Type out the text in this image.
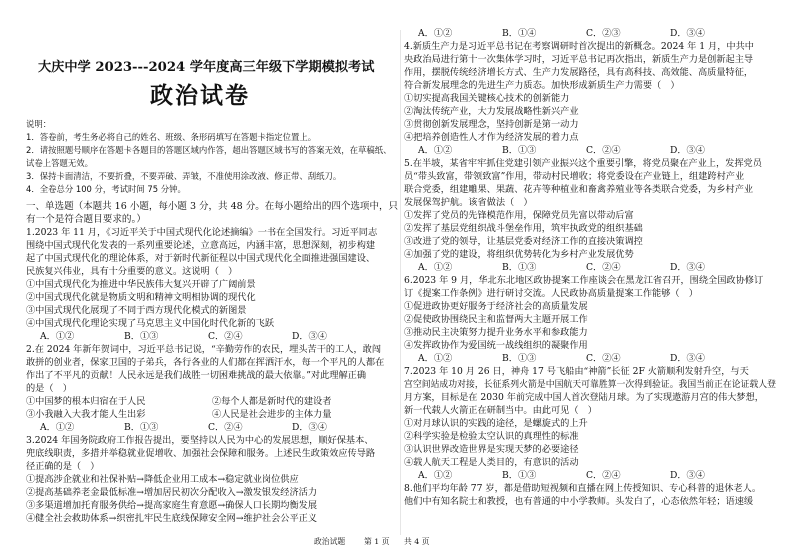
大庆中学 2023---2024 学年度高三年级下学期模拟考试
政治试卷
说明：
1．答卷前，考生务必将自己的姓名、班级、条形码填写在答题卡指定位置上。
2．请按照题号顺序在答题卡各题目的答题区域内作答，超出答题区域书写的答案无效，在草稿纸、
试卷上答题无效。
3．保持卡面清洁，不要折叠，不要弄破、弄皱，不准使用涂改液、修正带、刮纸刀。
4．全卷总分 100 分，考试时间 75 分钟。
一、单选题（本题共 16 小题，每小题 3 分，共 48 分。在每小题给出的四个选项中，只
有一个是符合题目要求的。）
1.2023 年 11 月，《习近平关于中国式现代化论述摘编》一书在全国发行。习近平同志
围绕中国式现代化发表的一系列重要论述，立意高远，内涵丰富，思想深刻，初步构建
起了中国式现代化的理论体系，对于新时代新征程以中国式现代化全面推进强国建设、
民族复兴伟业，具有十分重要的意义。这说明（　）
①中国式现代化为推进中华民族伟大复兴开辟了广阔前景
②中国式现代化就是物质文明和精神文明相协调的现代化
③中国式现代化展现了不同于西方现代化模式的新图景
④中国式现代化理论实现了马克思主义中国化时代化新的飞跃
A．①②	B．①③	C．②④	D．③④
2.在 2024 年新年贺词中，习近平总书记说，“辛勤劳作的农民，埋头苦干的工人，敢闯
敢拼的创业者，保家卫国的子弟兵，各行各业的人们都在挥洒汗水，每一个平凡的人都在
作出了不平凡的贡献！人民永远是我们战胜一切困难挑战的最大依靠。”对此理解正确
的是（　）
①中国梦的根本归宿在于人民	②每个人都是新时代的建设者
③小我融入大我才能人生出彩	④人民是社会进步的主体力量
A．①②	B．①③	C．②④	D．③④
3.2024 年国务院政府工作报告提出，要坚持以人民为中心的发展思想，顺好保基本、
兜底线职责，多措并举稳就业促增收、加强社会保障和服务。上述民生政策效应传导路
径正确的是（　）
①提高涉企就业和社保补贴→降低企业用工成本→稳定就业岗位供应
②提高基础养老金最低标准→增加居民初次分配收入→激发银发经济活力
③多渠道增加托育服务供给→提高家庭生育意愿→确保人口长期均衡发展
④健全社会救助体系→织密扎牢民生底线保障安全网→维护社会公平正义
A．①②	B．①④	C．②③	D．③④
4.新质生产力是习近平总书记在考察调研时首次提出的新概念。2024 年 1 月，中共中
央政治局进行第十一次集体学习时，习近平总书记再次指出，新质生产力是创新起主导
作用，摆脱传统经济增长方式、生产力发展路径，具有高科技、高效能、高质量特征，
符合新发展理念的先进生产力质态。加快形成新质生产力需要（　）
①切实提高我国关键核心技术的创新能力
②淘汰传统产业，大力发展战略性新兴产业
③贯彻创新发展理念，坚持创新是第一动力
④把培养创造性人才作为经济发展的着力点
A．①②	B．①③	C．②④	D．③④
5.在半坡，某省牢牢抓住党建引领产业振兴这个重要引擎，将党员聚在产业上，发挥党员
员“带头致富，带领致富”作用，带动村民增收；将党委设在产业链上，组建跨村产业
联合党委，组建雕果、果蔬、花卉等种植业和畜禽养殖业等各类联合党委，为乡村产业
发展保驾护航。该省做法（　）
①发挥了党员的先锋模范作用，保障党员先富以带动后富
②发挥了基层党组织战斗堡垒作用，筑牢执政党的组织基础
③改进了党的领导，让基层党委对经济工作的直接决策调控
④加强了党的建设，将组织优势转化为乡村产业发展优势
A．①②	B．①③	C．②④	D．③④
6.2023 年 9 月，华北东北地区政协提案工作座谈会在黑龙江省召开，围绕全国政协修订
订《提案工作条例》进行研讨交流。人民政协高质量提案工作能够（　）
①促进政协更好服务于经济社会的高质量发展
②促使政协围绕民主和监督两大主题开展工作
③推动民主决策努力提升业务水平和参政能力
④发挥政协作为爱国统一战线组织的凝聚作用
A．①②	B．①③	C．②④	D．③④
7.2023 年 10 月 26 日，神舟 17 号飞船由“神箭”长征 2F 火箭顺利发射升空，与天
宫空间站成功对接，长征系列火箭是中国航天可靠胜算一次得到验证。我国当前正在论证载人登
月方案，目标是在 2030 年前完成中国人首次登陆月球。为了实现遨游月宫的伟大梦想，
新一代载人火箭正在研制当中。由此可见（　）
①对月球认识的实践的途径，是螺旋式的上升
②科学实验是检验太空认识的真理性的标准
③认识世界改造世界是实现天梦的必要途径
④载人航天工程是人类目的，有意识的活动
A．①②	B．①③	C．②④	D．③④
8.他们平均年龄 77 岁，都是借助短视频和直播在网上传授知识、专心科普的退休老人。
他们中有知名院士和教授，也有普通的中小学教师。头发白了，心态依然年轻；语速缓
政治试题 第 1 页 共 4 页
